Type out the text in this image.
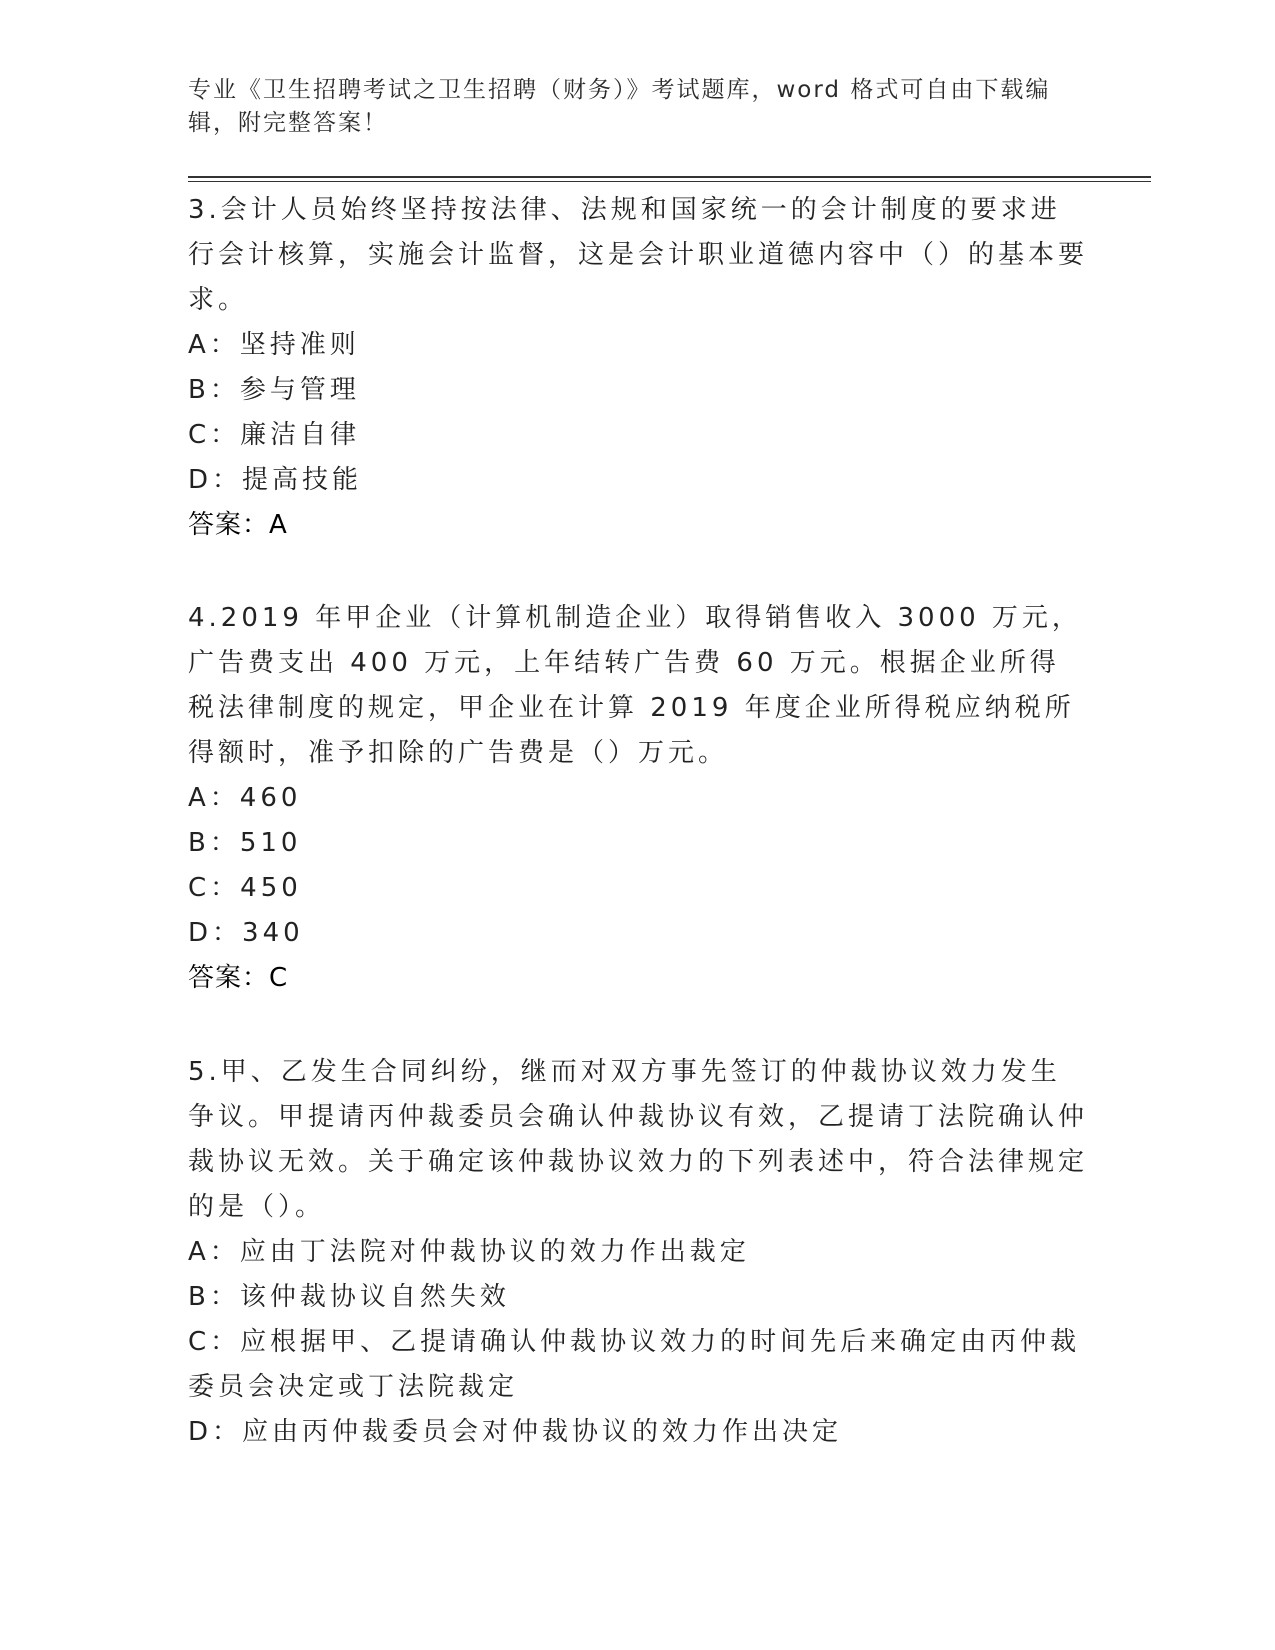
专业《卫生招聘考试之卫生招聘（财务）》考试题库，word 格式可自由下载编辑，附完整答案！

3.会计人员始终坚持按法律、法规和国家统一的会计制度的要求进行会计核算，实施会计监督，这是会计职业道德内容中（）的基本要求。

A：坚持准则

B：参与管理

C：廉洁自律

D：提高技能

答案：A

4.2019 年甲企业（计算机制造企业）取得销售收入 3000 万元，广告费支出 400 万元，上年结转广告费 60 万元。根据企业所得税法律制度的规定，甲企业在计算 2019 年度企业所得税应纳税所得额时，准予扣除的广告费是（）万元。

A：460

B：510

C：450

D：340

答案：C

5.甲、乙发生合同纠纷，继而对双方事先签订的仲裁协议效力发生争议。甲提请丙仲裁委员会确认仲裁协议有效，乙提请丁法院确认仲裁协议无效。关于确定该仲裁协议效力的下列表述中，符合法律规定的是（）。

A：应由丁法院对仲裁协议的效力作出裁定

B：该仲裁协议自然失效

C：应根据甲、乙提请确认仲裁协议效力的时间先后来确定由丙仲裁委员会决定或丁法院裁定

D：应由丙仲裁委员会对仲裁协议的效力作出决定
